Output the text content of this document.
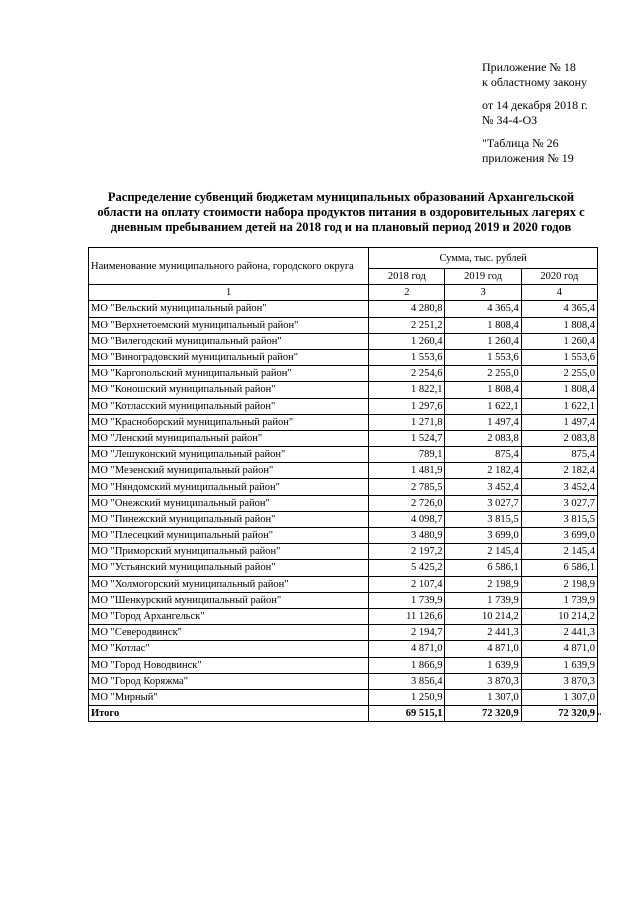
Приложение № 18
к областному закону
от 14 декабря 2018 г.
№ 34-4-ОЗ
"Таблица № 26
приложения № 19
Распределение субвенций бюджетам муниципальных образований Архангельской области на оплату стоимости набора продуктов питания в оздоровительных лагерях с дневным пребыванием детей на 2018 год и на плановый период 2019 и 2020 годов
Наименование муниципального района, городского округа	Сумма, тыс. рублей		
	2018 год	2019 год	2020 год
1	2	3	4
МО "Вельский муниципальный район"	4 280,8	4 365,4	4 365,4
МО "Верхнетоемский муниципальный район"	2 251,2	1 808,4	1 808,4
МО "Вилегодский муниципальный район"	1 260,4	1 260,4	1 260,4
МО "Виноградовский муниципальный район"	1 553,6	1 553,6	1 553,6
МО "Каргопольский муниципальный район"	2 254,6	2 255,0	2 255,0
МО "Коношский муниципальный район"	1 822,1	1 808,4	1 808,4
МО "Котласский муниципальный район"	1 297,6	1 622,1	1 622,1
МО "Красноборский муниципальный район"	1 271,8	1 497,4	1 497,4
МО "Ленский муниципальный район"	1 524,7	2 083,8	2 083,8
МО "Лешуконский муниципальный район"	789,1	875,4	875,4
МО "Мезенский муниципальный район"	1 481,9	2 182,4	2 182,4
МО "Няндомский муниципальный район"	2 785,5	3 452,4	3 452,4
МО "Онежский муниципальный район"	2 726,0	3 027,7	3 027,7
МО "Пинежский муниципальный район"	4 098,7	3 815,5	3 815,5
МО "Плесецкий муниципальный район"	3 480,9	3 699,0	3 699,0
МО "Приморский муниципальный район"	2 197,2	2 145,4	2 145,4
МО "Устьянский муниципальный район"	5 425,2	6 586,1	6 586,1
МО "Холмогорский муниципальный район"	2 107,4	2 198,9	2 198,9
МО "Шенкурский муниципальный район"	1 739,9	1 739,9	1 739,9
МО "Город Архангельск"	11 126,6	10 214,2	10 214,2
МО "Северодвинск"	2 194,7	2 441,3	2 441,3
МО "Котлас"	4 871,0	4 871,0	4 871,0
МО "Город Новодвинск"	1 866,9	1 639,9	1 639,9
МО "Город Коряжма"	3 856,4	3 870,3	3 870,3
МО "Мирный"	1 250,9	1 307,0	1 307,0
Итого	69 515,1	72 320,9	72 320,9 "
